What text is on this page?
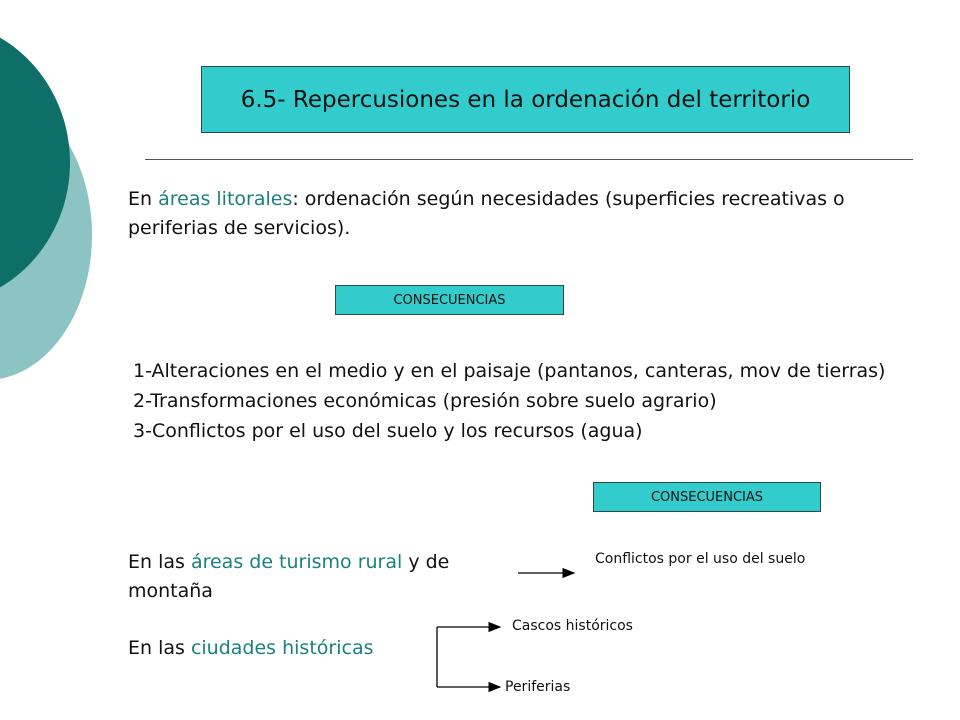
6.5- Repercusiones en la ordenación del territorio
En áreas litorales: ordenación según necesidades (superficies recreativas o periferias de servicios).
CONSECUENCIAS
1-Alteraciones en el medio y en el paisaje (pantanos, canteras, mov de tierras)
2-Transformaciones económicas (presión sobre suelo agrario)
3-Conflictos por el uso del suelo y los recursos (agua)
CONSECUENCIAS
En las áreas de turismo rural y de montaña
Conflictos por el uso del suelo
En las ciudades históricas
Cascos históricos
Periferias
